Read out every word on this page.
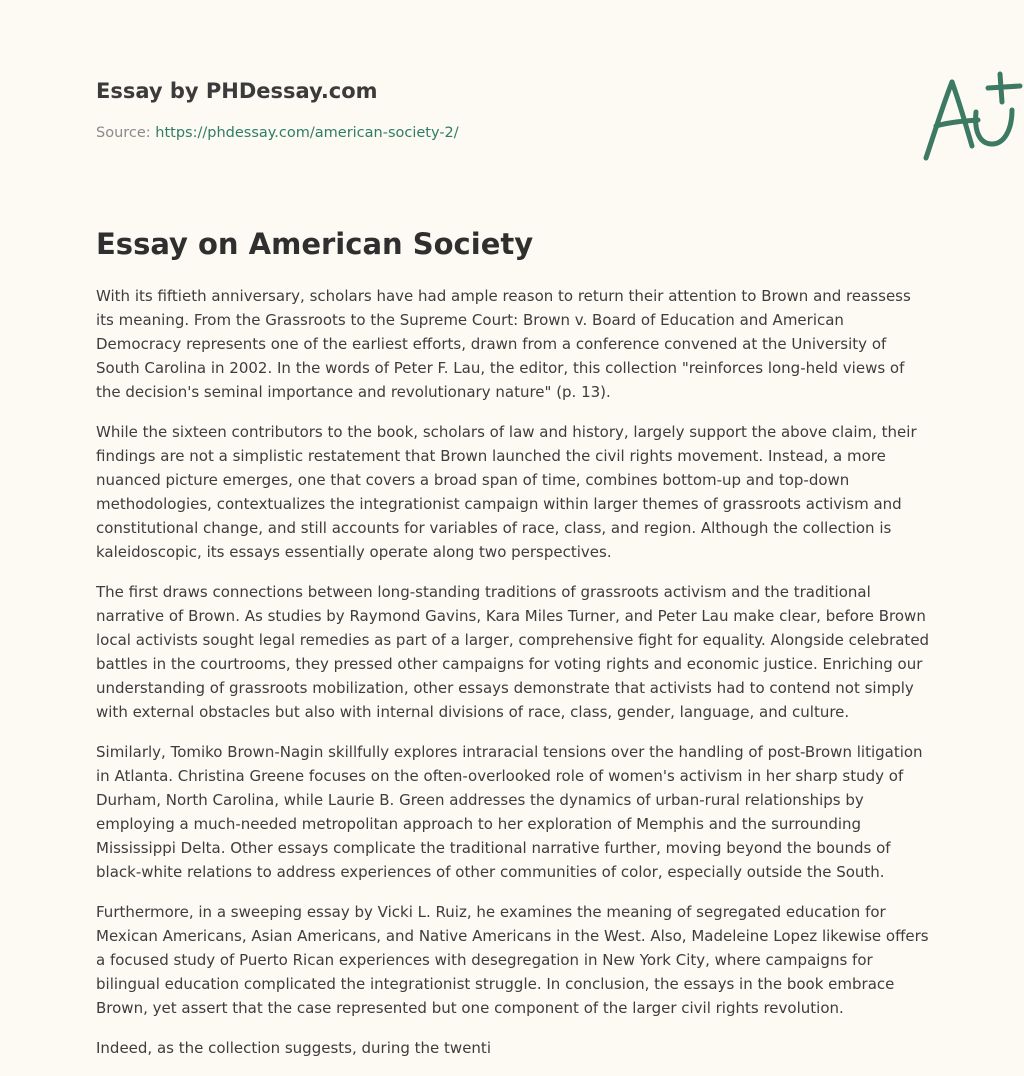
Essay by PHDessay.com
Source: https://phdessay.com/american-society-2/
Essay on American Society

With its fiftieth anniversary, scholars have had ample reason to return their attention to Brown and reassess its meaning. From the Grassroots to the Supreme Court: Brown v. Board of Education and American Democracy represents one of the earliest efforts, drawn from a conference convened at the University of South Carolina in 2002. In the words of Peter F. Lau, the editor, this collection "reinforces long-held views of the decision's seminal importance and revolutionary nature" (p. 13).

While the sixteen contributors to the book, scholars of law and history, largely support the above claim, their findings are not a simplistic restatement that Brown launched the civil rights movement. Instead, a more nuanced picture emerges, one that covers a broad span of time, combines bottom-up and top-down methodologies, contextualizes the integrationist campaign within larger themes of grassroots activism and constitutional change, and still accounts for variables of race, class, and region. Although the collection is kaleidoscopic, its essays essentially operate along two perspectives.

The first draws connections between long-standing traditions of grassroots activism and the traditional narrative of Brown. As studies by Raymond Gavins, Kara Miles Turner, and Peter Lau make clear, before Brown local activists sought legal remedies as part of a larger, comprehensive fight for equality. Alongside celebrated battles in the courtrooms, they pressed other campaigns for voting rights and economic justice. Enriching our understanding of grassroots mobilization, other essays demonstrate that activists had to contend not simply with external obstacles but also with internal divisions of race, class, gender, language, and culture.

Similarly, Tomiko Brown-Nagin skillfully explores intraracial tensions over the handling of post-Brown litigation in Atlanta. Christina Greene focuses on the often-overlooked role of women's activism in her sharp study of Durham, North Carolina, while Laurie B. Green addresses the dynamics of urban-rural relationships by employing a much-needed metropolitan approach to her exploration of Memphis and the surrounding Mississippi Delta. Other essays complicate the traditional narrative further, moving beyond the bounds of black-white relations to address experiences of other communities of color, especially outside the South.

Furthermore, in a sweeping essay by Vicki L. Ruiz, he examines the meaning of segregated education for Mexican Americans, Asian Americans, and Native Americans in the West. Also, Madeleine Lopez likewise offers a focused study of Puerto Rican experiences with desegregation in New York City, where campaigns for bilingual education complicated the integrationist struggle. In conclusion, the essays in the book embrace Brown, yet assert that the case represented but one component of the larger civil rights revolution.

Indeed, as the collection suggests, during the twenti
